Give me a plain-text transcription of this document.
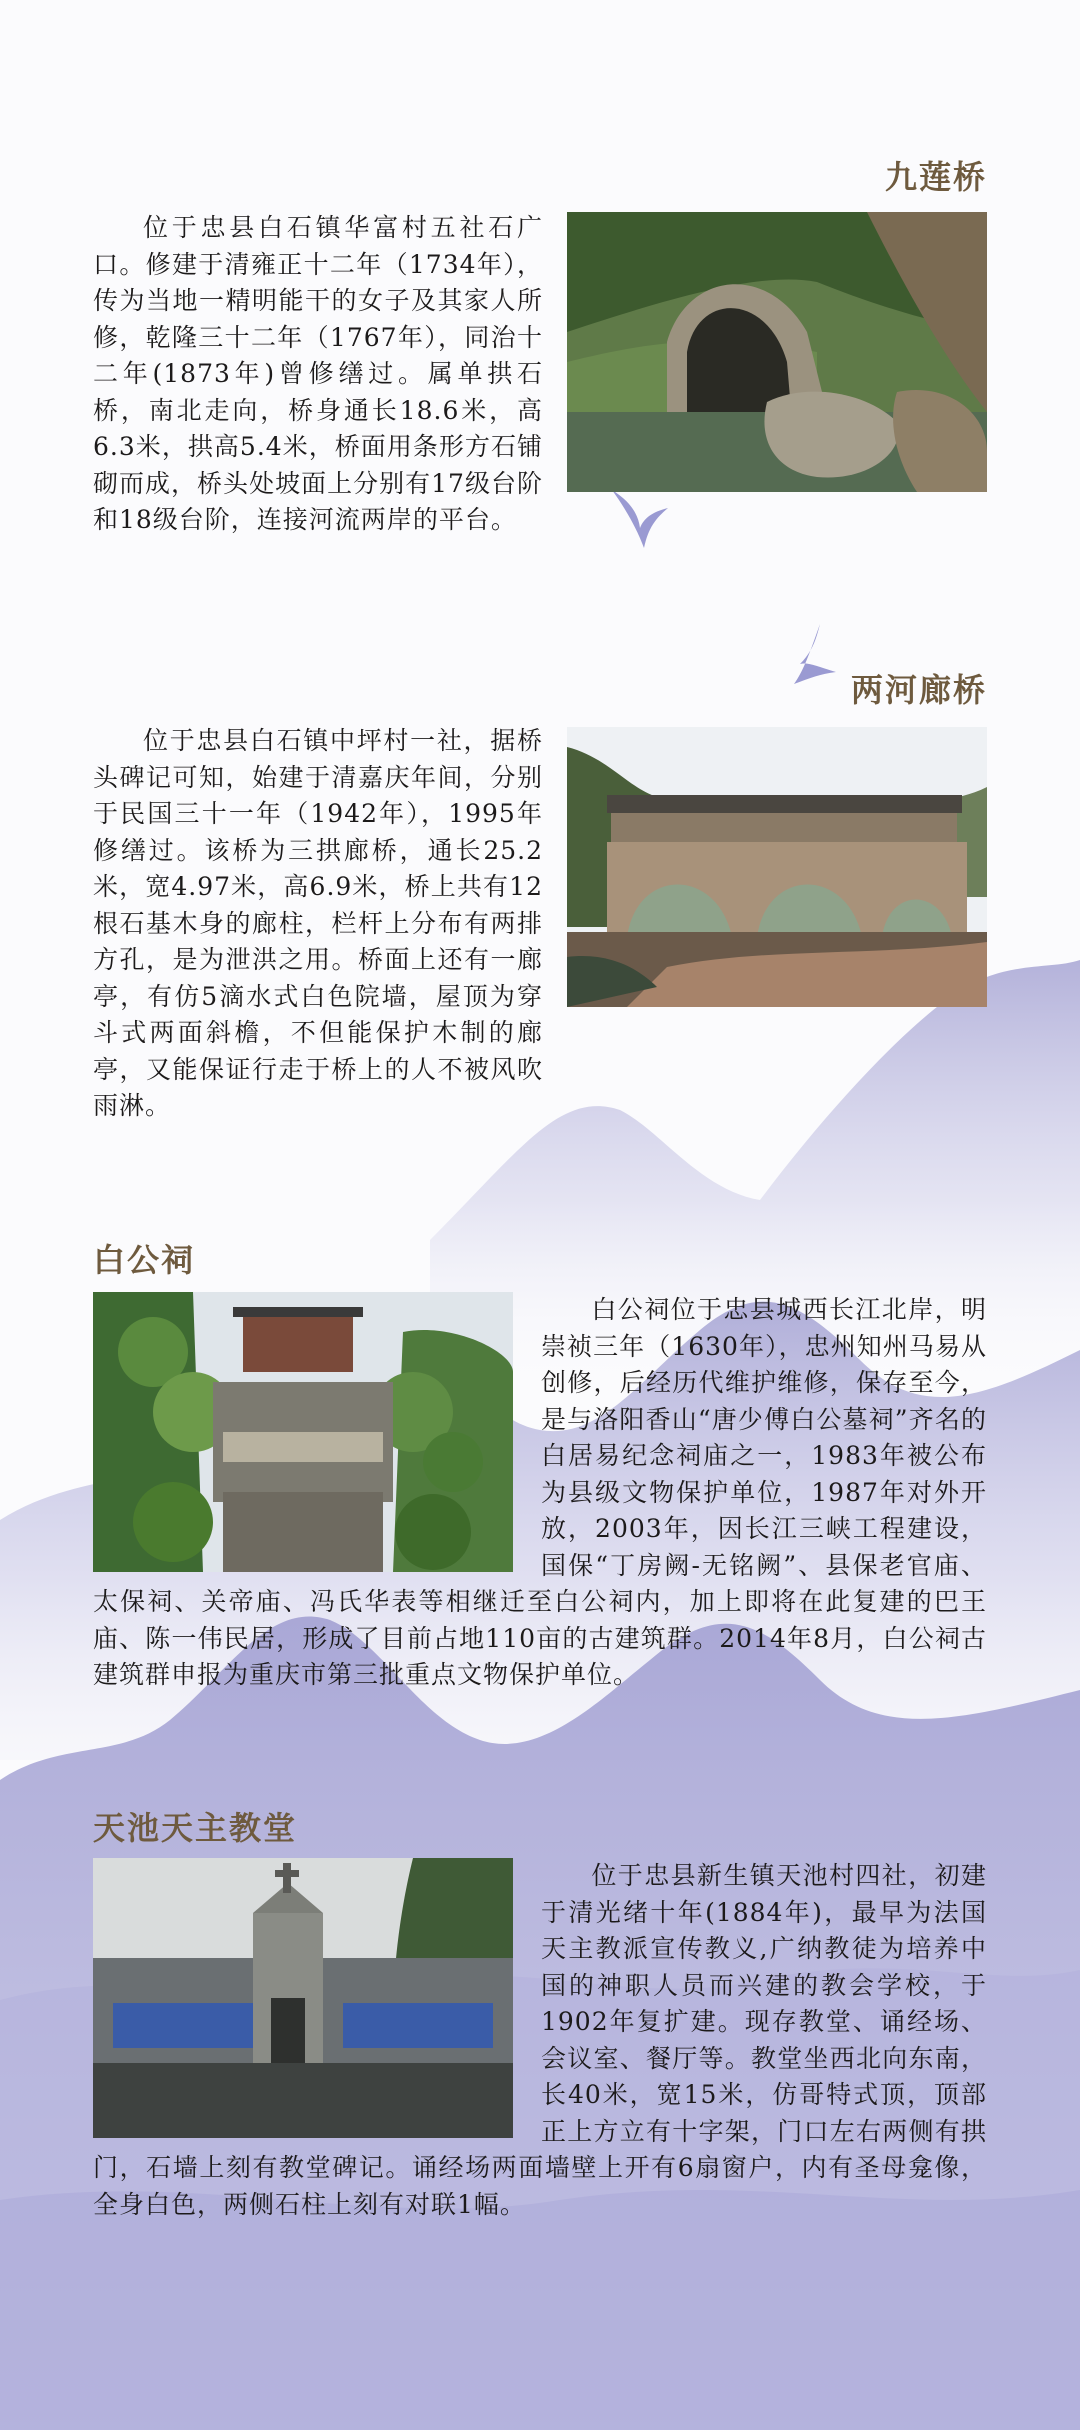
九莲桥

位于忠县白石镇华富村五社石广口。修建于清雍正十二年（1734年），传为当地一精明能干的女子及其家人所修，乾隆三十二年（1767年），同治十二年(1873年)曾修缮过。属单拱石桥，南北走向，桥身通长18.6米，高6.3米，拱高5.4米，桥面用条形方石铺砌而成，桥头处坡面上分别有17级台阶和18级台阶，连接河流两岸的平台。

两河廊桥

位于忠县白石镇中坪村一社，据桥头碑记可知，始建于清嘉庆年间，分别于民国三十一年（1942年），1995年修缮过。该桥为三拱廊桥，通长25.2米，宽4.97米，高6.9米，桥上共有12根石基木身的廊柱，栏杆上分布有两排方孔，是为泄洪之用。桥面上还有一廊亭，有仿5滴水式白色院墙，屋顶为穿斗式两面斜檐，不但能保护木制的廊亭，又能保证行走于桥上的人不被风吹雨淋。

白公祠

白公祠位于忠县城西长江北岸，明崇祯三年（1630年），忠州知州马易从创修，后经历代维护维修，保存至今，是与洛阳香山“唐少傅白公墓祠”齐名的白居易纪念祠庙之一，1983年被公布为县级文物保护单位，1987年对外开放，2003年，因长江三峡工程建设，国保“丁房阙-无铭阙”、县保老官庙、太保祠、关帝庙、冯氏华表等相继迁至白公祠内，加上即将在此复建的巴王庙、陈一伟民居，形成了目前占地110亩的古建筑群。2014年8月，白公祠古建筑群申报为重庆市第三批重点文物保护单位。

天池天主教堂

位于忠县新生镇天池村四社，初建于清光绪十年(1884年)，最早为法国天主教派宣传教义,广纳教徒为培养中国的神职人员而兴建的教会学校，于1902年复扩建。现存教堂、诵经场、会议室、餐厅等。教堂坐西北向东南，长40米，宽15米，仿哥特式顶，顶部正上方立有十字架，门口左右两侧有拱门，石墙上刻有教堂碑记。诵经场两面墙壁上开有6扇窗户，内有圣母龛像，全身白色，两侧石柱上刻有对联1幅。
